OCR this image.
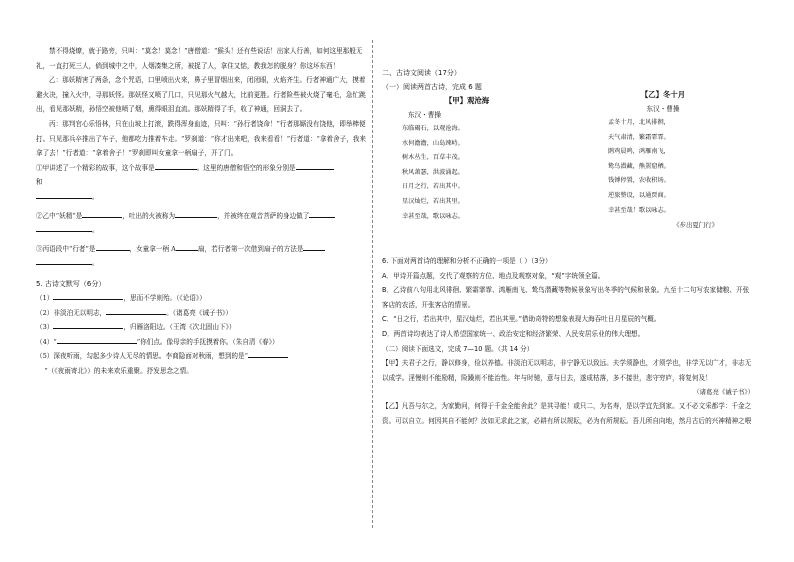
禁不得烧燎，就于路旁，只叫：“莫念！莫念！”唐僧道：“猴头！还有些说话！出家人行善，如何这里那般无礼，一直打死三人，倘到城中之中，人烟凑集之所，被捉了人，拿住又惦，教我怎的脱身？你这坏东西！

乙：那妖精害了两条，念个咒语，口里喷出火来，鼻子里冒烟出来，闭闭眼，火焰齐生。行者神通广大，摸着避火决，撞入火中，寻那妖怪。那妖怪又喷了几口，只见那火气越大，比前更胜。行者险些被火烧了毫毛，急忙跳出，看见那妖精，孙悟空被他喷了烟，熏得眼泪直流。那妖精得了手，收了神通，回洞去了。

丙：那判官心乐悟林，只在山坡上打滚，跌得浑身血迹，只叫：“孙行者饶命！”行者那厮没有饶他，即举棒便打。只见那兵卒推出了车子，他都吃力推着车走。“罗刹道：“你才出来吧，我来看看！”行者道：“拿着舍子，我来拿了去！”行者道：“拿着舍子！”罗刹即叫女童拿一柄扇子，开了门。

①甲讲述了一个精彩的故事，这个故事是	。这里的唐僧和悟空的形象分别是
和
。

②乙中“妖精”是	，吐出的火被称为	，并被终在观音菩萨的身边做了
。

③丙语段中“行者”是	，女童拿一柄 A	扇，若行者第一次借到扇子的方法是
。

5. 古诗文默写（6分）

（1）	，思而不学则殆。（《论语》）

（2）非淡泊无以明志，	。（诸葛亮《诫子书》）

（3）	，归雁洛阳边。（王湾《次北固山下》）

（4）“	”你们点。像母亲的手抚摸着你。（朱自清《春》）

（5）深夜听雨，勾起多少诗人无尽的情思。李商隐面对秋雨，想到的是“
”（《夜雨寄北》）的未来欢乐重聚。抒发思念之情。

二、古诗文阅读（17分）

（一）阅读两首古诗，完成 6 题

【甲】观沧海

东汉・曹操

东临碣石，以观沧海。

水何澹澹，山岛竦峙。

树木丛生，百草丰茂。

秋风萧瑟，洪波涌起。

日月之行，若出其中。

星汉灿烂，若出其里。

幸甚至哉，歌以咏志。

【乙】冬十月

东汉・曹操

孟冬十月，北风徘徊，

天气肃清，繁霜霏霏。

鹍鸡晨鸣，鸿雁南飞，

鸷鸟潜藏，熊罴窟栖。

钱镈停置，农收积场。

逆旅整设，以通贾商。

幸甚至哉！歌以咏志。

《步出夏门行》

6. 下面对两首诗的理解和分析不正确的一项是（ ）（3分）

A．甲诗开篇点题，交代了观察的方位、地点及观察对象，“观”字统领全篇。

B．乙诗前八句用北风徘徊、繁霜霏霏、鸿雁南飞、鸷鸟潜藏等物候景象写出冬季的气候和景象。九至十二句写农家储粮、开张客店的农活，开张客店的情景。

C．“日之行，若出其中，星汉灿烂，若出其里。”借助奇特的想象表现大海吞吐日月星辰的气概。

D．两首诗均表达了诗人希望国家统一、政治安定和经济繁荣、人民安居乐业的伟大理想。

（二）阅读下面选文，完成 7—10 题。（共 14 分）

【甲】夫君子之行，静以修身，俭以养德。非淡泊无以明志，非宁静无以致远。夫学须静也，才须学也，非学无以广才，非志无以成学。淫慢则不能励精，险躁则不能治性。年与时驰，意与日去，遂成枯落，多不接世，悲守穷庐，将复何及！

（诸葛亮《诫子书》）

【乙】凡吾与尔之，为家勤问，何得于千金全能舍此？是其寻能！或只二，为名寿，是以学宜先到家。又不必文采都学：千金之资。可以自立。何因其自不能何？汝如无求此之家，必耕有所以规耘，必为有所规耘。吾儿所自向地，然月古后的兴神精神之喂
